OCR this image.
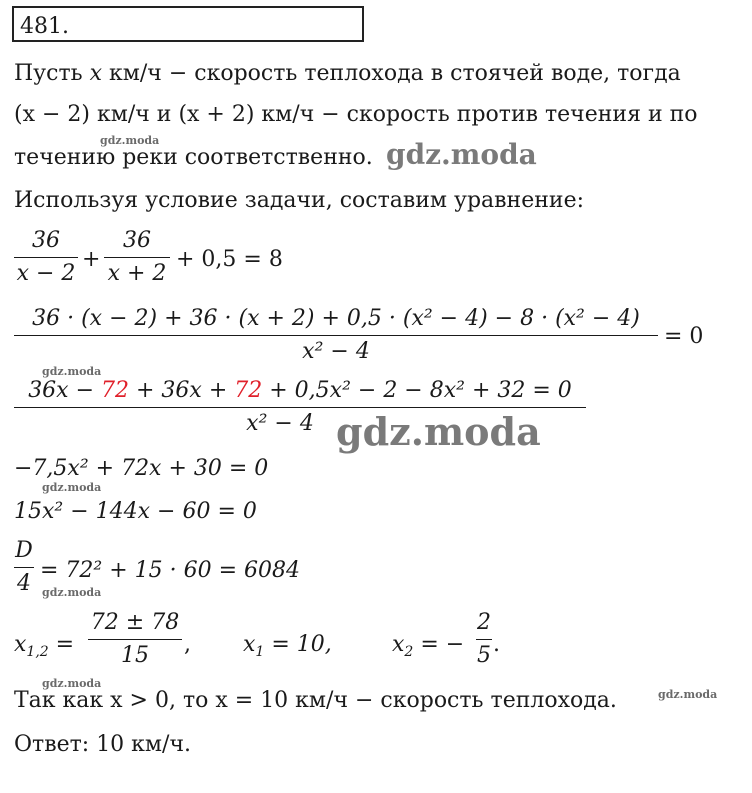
481.
Пусть x км/ч − скорость теплохода в стоячей воде, тогда
(x − 2) км/ч и (x + 2) км/ч − скорость против течения и по
течению реки соответственно.
Используя условие задачи, составим уравнение:
36
x − 2
+
36
x + 2
+ 0,5 = 8
36 · (x − 2) + 36 · (x + 2) + 0,5 · (x² − 4) − 8 · (x² − 4)
x² − 4
= 0
36x − 72 + 36x + 72 + 0,5x² − 2 − 8x² + 32 = 0
x² − 4
−7,5x² + 72x + 30 = 0
15x² − 144x − 60 = 0
D
4
= 72² + 15 · 60 = 6084
$x_{1,2}$ =
72 ± 78
15	, $x_1 = 10$,	$x_2$ = −
2
5 .
Так как x > 0, то x = 10 км/ч − скорость теплохода.
Ответ: 10 км/ч.
gdz.moda	gdz.moda
gdz.moda
gdz.moda
gdz.moda
gdz.moda
gdz.moda
gdz.moda
